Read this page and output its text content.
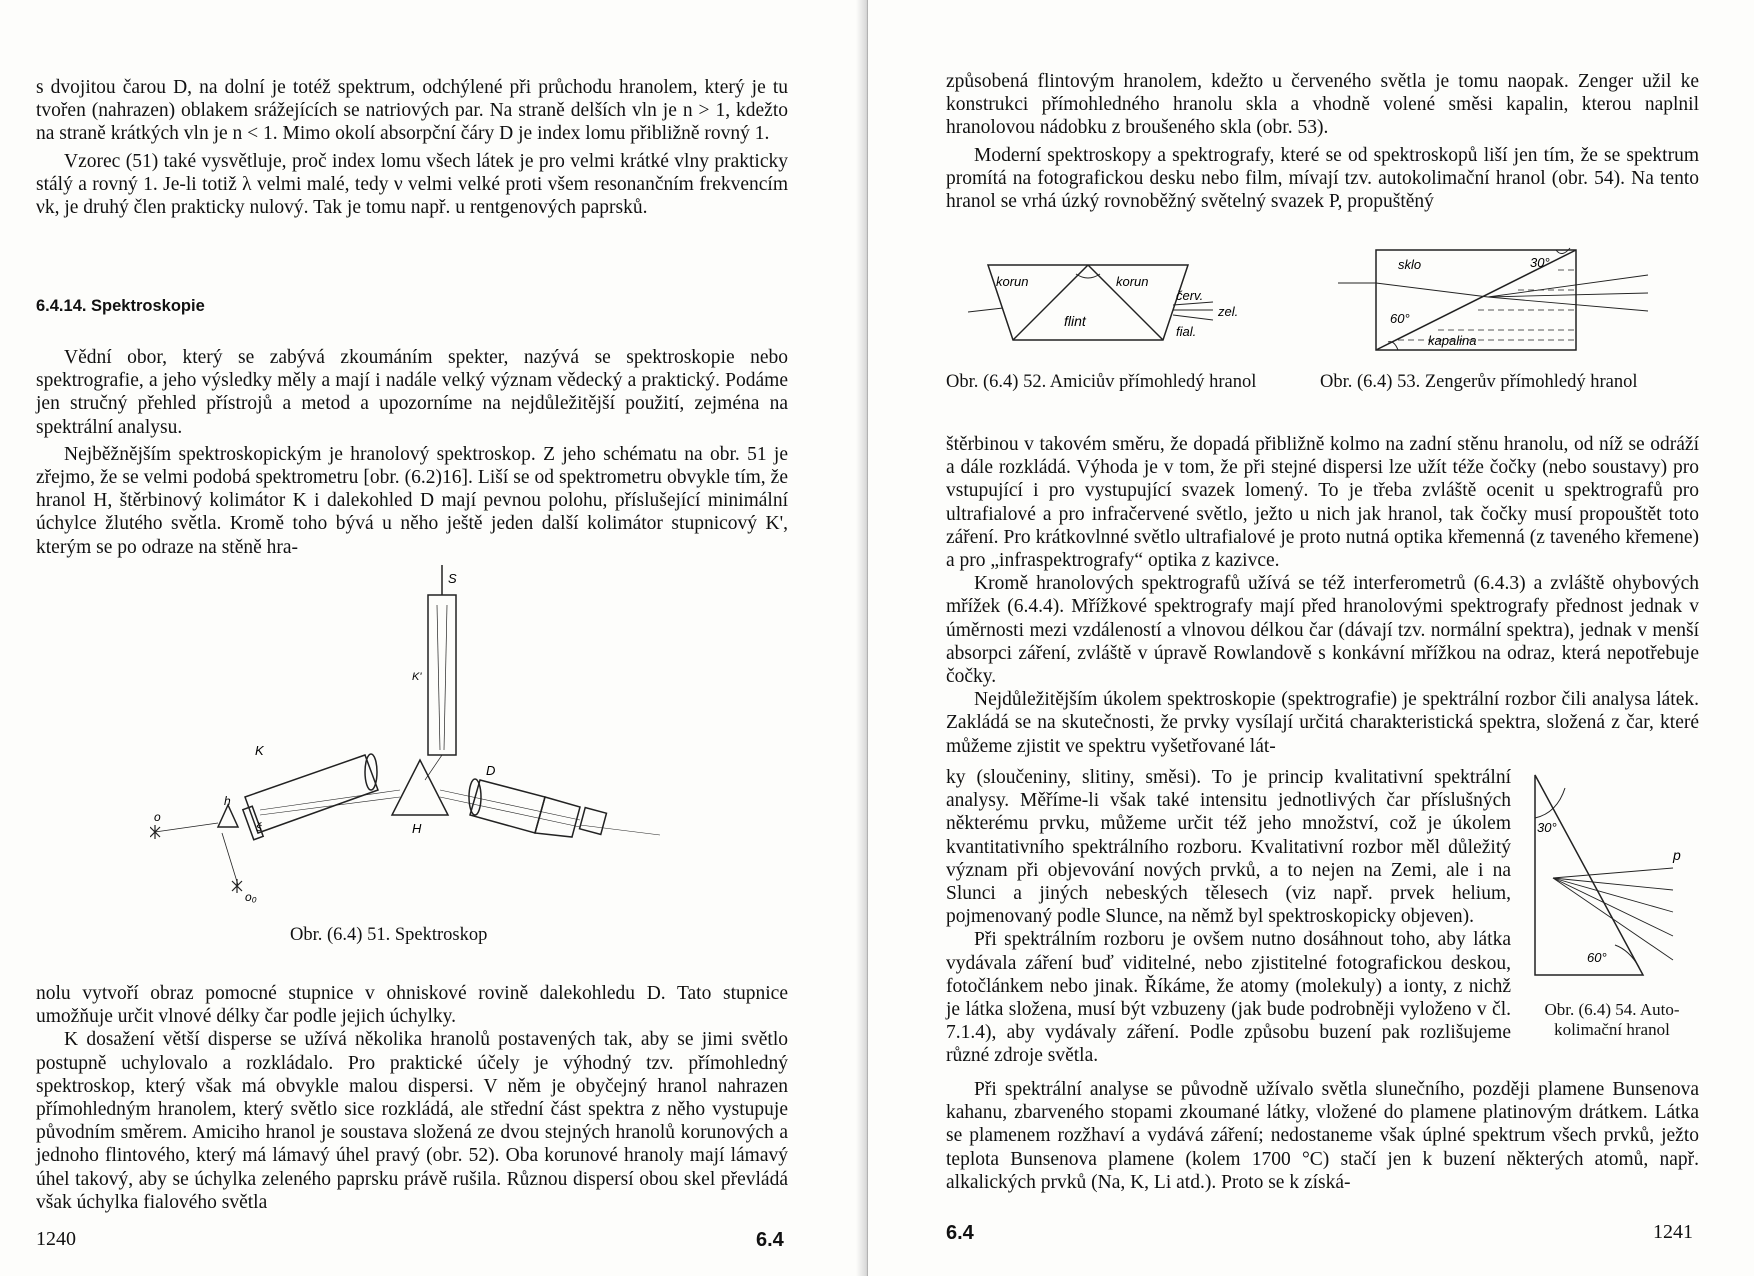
s dvojitou čarou D, na dolní je totéž spektrum, odchýlené při průchodu hranolem, který je tu tvořen (nahrazen) oblakem srážejících se natriových par. Na straně delších vln je n > 1, kdežto na straně krátkých vln je n < 1. Mimo okolí absorpční čáry D je index lomu přibližně rovný 1.

Vzorec (51) také vysvětluje, proč index lomu všech látek je pro velmi krátké vlny prakticky stálý a rovný 1. Je-li totiž λ velmi malé, tedy ν velmi velké proti všem resonančním frekvencím νk, je druhý člen prakticky nulový. Tak je tomu např. u rentgenových paprsků.

6.4.14. Spektroskopie

Vědní obor, který se zabývá zkoumáním spekter, nazývá se spektroskopie nebo spektrografie, a jeho výsledky měly a mají i nadále velký význam vědecký a praktický. Podáme jen stručný přehled přístrojů a metod a upozorníme na nejdůležitější použití, zejména na spektrální analysu.

Nejběžnějším spektroskopickým je hranolový spektroskop. Z jeho schématu na obr. 51 je zřejmo, že se velmi podobá spektrometru [obr. (6.2)16]. Liší se od spektrometru obvykle tím, že hranol H, štěrbinový kolimátor K i dalekohled D mají pevnou polohu, příslušející minimální úchylce žlutého světla. Kromě toho bývá u něho ještě jeden další kolimátor stupnicový K', kterým se po odraze na stěně hra-

S
K'
K
D
H
h
š
o
o₀
Obr. (6.4) 51. Spektroskop

nolu vytvoří obraz pomocné stupnice v ohniskové rovině dalekohledu D. Tato stupnice umožňuje určit vlnové délky čar podle jejich úchylky.

K dosažení větší disperse se užívá několika hranolů postavených tak, aby se jimi světlo postupně uchylovalo a rozkládalo. Pro praktické účely je výhodný tzv. přímohledný spektroskop, který však má obvykle malou dispersi. V něm je obyčejný hranol nahrazen přímohledným hranolem, který světlo sice rozkládá, ale střední část spektra z něho vystupuje původním směrem. Amiciho hranol je soustava složená ze dvou stejných hranolů korunových a jednoho flintového, který má lámavý úhel pravý (obr. 52). Oba korunové hranoly mají lámavý úhel takový, aby se úchylka zeleného paprsku právě rušila. Různou dispersí obou skel převládá však úchylka fialového světla

1240	6.4

způsobená flintovým hranolem, kdežto u červeného světla je tomu naopak. Zenger užil ke konstrukci přímohledného hranolu skla a vhodně volené směsi kapalin, kterou naplnil hranolovou nádobku z broušeného skla (obr. 53).

Moderní spektroskopy a spektrografy, které se od spektroskopů liší jen tím, že se spektrum promítá na fotografickou desku nebo film, mívají tzv. autokolimační hranol (obr. 54). Na tento hranol se vrhá úzký rovnoběžný světelný svazek P, propuštěný

korun	korun
flint
červ.
zel.
fial.
sklo	30°
60°
kapalina
Obr. (6.4) 52. Amiciův přímohledý hranol	Obr. (6.4) 53. Zengerův přímohledý hranol

štěrbinou v takovém směru, že dopadá přibližně kolmo na zadní stěnu hranolu, od níž se odráží a dále rozkládá. Výhoda je v tom, že při stejné dispersi lze užít téže čočky (nebo soustavy) pro vstupující i pro vystupující svazek lomený. To je třeba zvláště ocenit u spektrografů pro ultrafialové a pro infračervené světlo, ježto u nich jak hranol, tak čočky musí propouštět toto záření. Pro krátkovlnné světlo ultrafialové je proto nutná optika křemenná (z taveného křemene) a pro „infraspektrografy“ optika z kazivce.

Kromě hranolových spektrografů užívá se též interferometrů (6.4.3) a zvláště ohybových mřížek (6.4.4). Mřížkové spektrografy mají před hranolovými spektrografy přednost jednak v úměrnosti mezi vzdáleností a vlnovou délkou čar (dávají tzv. normální spektra), jednak v menší absorpci záření, zvláště v úpravě Rowlandově s konkávní mřížkou na odraz, která nepotřebuje čočky.

Nejdůležitějším úkolem spektroskopie (spektrografie) je spektrální rozbor čili analysa látek. Zakládá se na skutečnosti, že prvky vysílají určitá charakteristická spektra, složená z čar, které můžeme zjistit ve spektru vyšetřované lát-

ky (sloučeniny, slitiny, směsi). To je princip kvalitativní spektrální analysy. Měříme-li však také intensitu jednotlivých čar příslušných některému prvku, můžeme určit též jeho množství, což je úkolem kvantitativního spektrálního rozboru. Kvalitativní rozbor měl důležitý význam při objevování nových prvků, a to nejen na Zemi, ale i na Slunci a jiných nebeských tělesech (viz např. prvek helium, pojmenovaný podle Slunce, na němž byl spektroskopicky objeven).

Při spektrálním rozboru je ovšem nutno dosáhnout toho, aby látka vydávala záření buď viditelné, nebo zjistitelné fotografickou deskou, fotočlánkem nebo jinak. Říkáme, že atomy (molekuly) a ionty, z nichž je látka složena, musí být vzbuzeny (jak bude podrobněji vyloženo v čl. 7.1.4), aby vydávaly záření. Podle způsobu buzení pak rozlišujeme různé zdroje světla.

30°
60°
p
Obr. (6.4) 54. Auto-
kolimační hranol

Při spektrální analyse se původně užívalo světla slunečního, později plamene Bunsenova kahanu, zbarveného stopami zkoumané látky, vložené do plamene platinovým drátkem. Látka se plamenem rozžhaví a vydává záření; nedostaneme však úplné spektrum všech prvků, ježto teplota Bunsenova plamene (kolem 1700 °C) stačí jen k buzení některých atomů, např. alkalických prvků (Na, K, Li atd.). Proto se k získá-

6.4	1241
